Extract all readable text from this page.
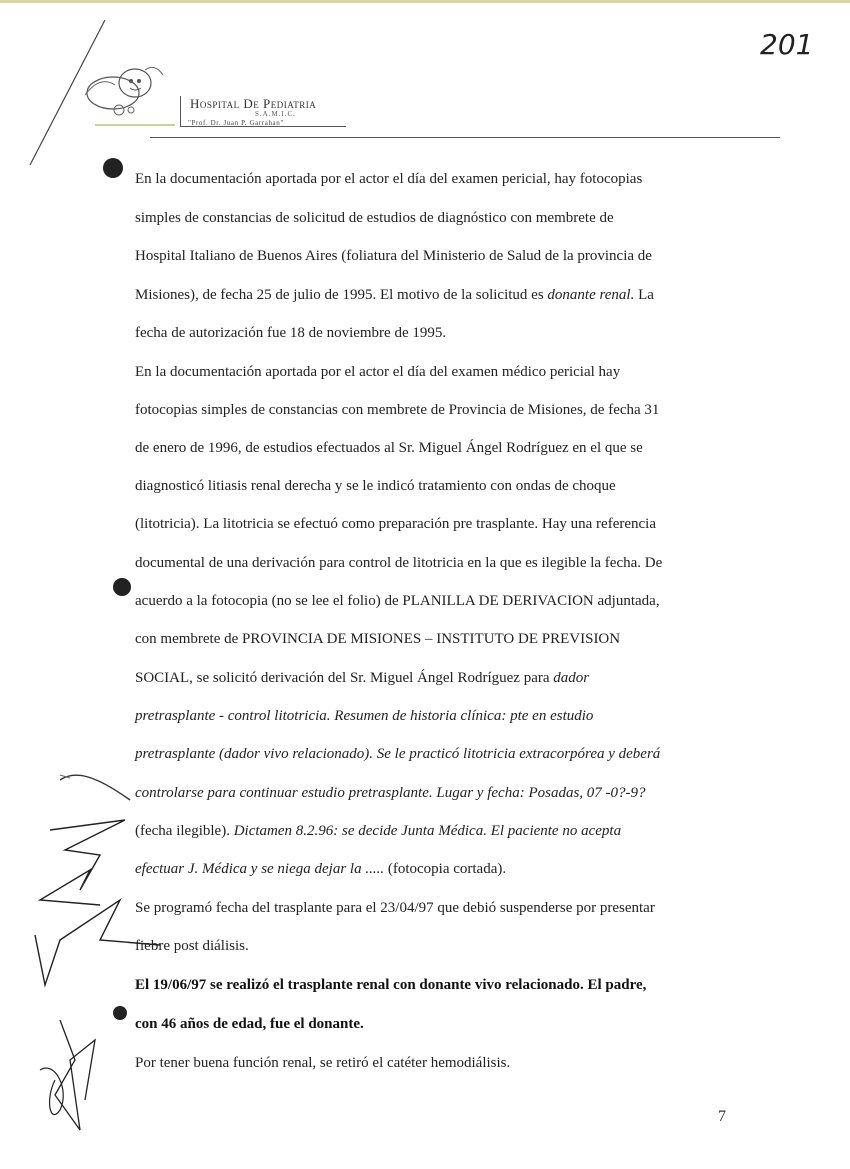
201
Hospital De Pediatria
S.A.M.I.C.
"Prof. Dr. Juan P. Garrahan"
En la documentación aportada por el actor el día del examen pericial, hay fotocopias
simples de constancias de solicitud de estudios de diagnóstico con membrete de
Hospital Italiano de Buenos Aires (foliatura del Ministerio de Salud de la provincia de
Misiones), de fecha 25 de julio de 1995. El motivo de la solicitud es donante renal. La
fecha de autorización fue 18 de noviembre de 1995.
En la documentación aportada por el actor el día del examen médico pericial hay
fotocopias simples de constancias con membrete de Provincia de Misiones, de fecha 31
de enero de 1996, de estudios efectuados al Sr. Miguel Ángel Rodríguez en el que se
diagnosticó litiasis renal derecha y se le indicó tratamiento con ondas de choque
(litotricia). La litotricia se efectuó como preparación pre trasplante. Hay una referencia
documental de una derivación para control de litotricia en la que es ilegible la fecha. De
acuerdo a la fotocopia (no se lee el folio) de PLANILLA DE DERIVACION adjuntada,
con membrete de PROVINCIA DE MISIONES – INSTITUTO DE PREVISION
SOCIAL, se solicitó derivación del Sr. Miguel Ángel Rodríguez para dador
pretrasplante - control litotricia. Resumen de historia clínica: pte en estudio
pretrasplante (dador vivo relacionado). Se le practicó litotricia extracorpórea y deberá
controlarse para continuar estudio pretrasplante. Lugar y fecha: Posadas, 07 -0?-9?
(fecha ilegible). Dictamen 8.2.96: se decide Junta Médica. El paciente no acepta
efectuar J. Médica y se niega dejar la ..... (fotocopia cortada).
Se programó fecha del trasplante para el 23/04/97 que debió suspenderse por presentar
fiebre post diálisis.
El 19/06/97 se realizó el trasplante renal con donante vivo relacionado. El padre,
con 46 años de edad, fue el donante.
Por tener buena función renal, se retiró el catéter hemodiálisis.
7
